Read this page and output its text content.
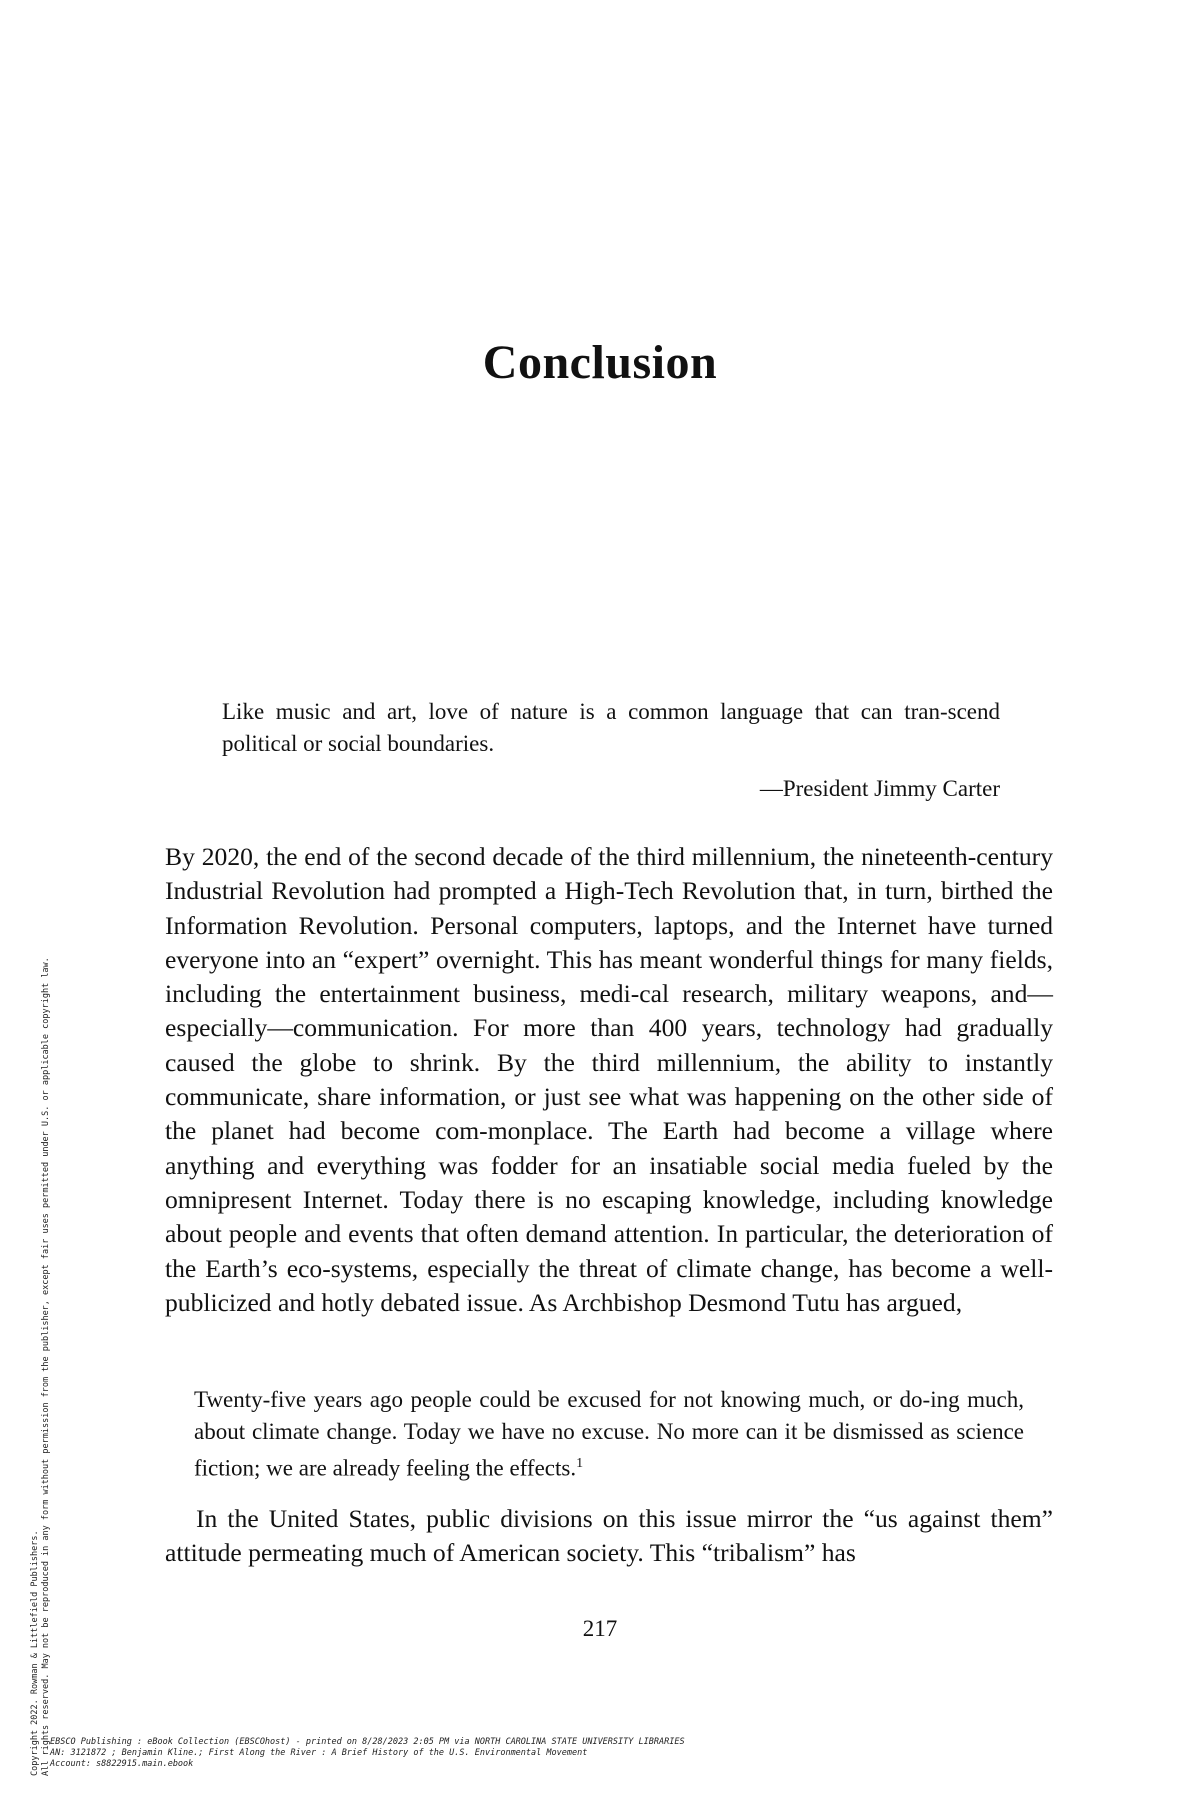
Conclusion
Like music and art, love of nature is a common language that can tran-scend political or social boundaries.
—President Jimmy Carter
By 2020, the end of the second decade of the third millennium, the nineteenth-century Industrial Revolution had prompted a High-Tech Revolution that, in turn, birthed the Information Revolution. Personal computers, laptops, and the Internet have turned everyone into an “expert” overnight. This has meant wonderful things for many fields, including the entertainment business, medi-cal research, military weapons, and—especially—communication. For more than 400 years, technology had gradually caused the globe to shrink. By the third millennium, the ability to instantly communicate, share information, or just see what was happening on the other side of the planet had become com-monplace. The Earth had become a village where anything and everything was fodder for an insatiable social media fueled by the omnipresent Internet. Today there is no escaping knowledge, including knowledge about people and events that often demand attention. In particular, the deterioration of the Earth’s eco-systems, especially the threat of climate change, has become a well-publicized and hotly debated issue. As Archbishop Desmond Tutu has argued,
Twenty-five years ago people could be excused for not knowing much, or do-ing much, about climate change. Today we have no excuse. No more can it be dismissed as science fiction; we are already feeling the effects.$^1$
In the United States, public divisions on this issue mirror the “us against them” attitude permeating much of American society. This “tribalism” has
217
Copyright 2022. Rowman & Littlefield Publishers. All rights reserved. May not be reproduced in any form without permission from the publisher, except fair uses permitted under U.S. or applicable copyright law. EBSCO Publishing : eBook Collection (EBSCOhost) - printed on 8/28/2023 2:05 PM via NORTH CAROLINA STATE UNIVERSITY LIBRARIES
AN: 3121872 ; Benjamin Kline.; First Along the River : A Brief History of the U.S. Environmental Movement
Account: s8822915.main.ebook
